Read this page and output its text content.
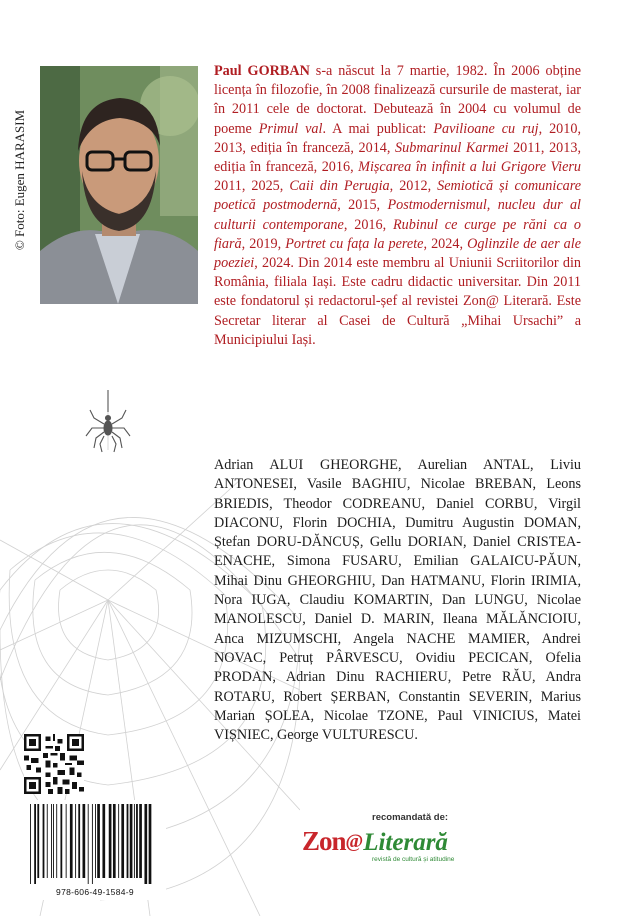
© Foto: Eugen HARASIM

Paul GORBAN s-a născut la 7 martie, 1982. În 2006 obține licența în filozofie, în 2008 finalizează cursurile de masterat, iar în 2011 cele de doctorat. Debutează în 2004 cu volumul de poeme Primul val. A mai publicat: Pavilioane cu ruj, 2010, 2013, ediția în franceză, 2014, Submarinul Karmei 2011, 2013, ediția în franceză, 2016, Mișcarea în infinit a lui Grigore Vieru 2011, 2025, Caii din Perugia, 2012, Semiotică și comunicare poetică postmodernă, 2015, Postmodernismul, nucleu dur al culturii contemporane, 2016, Rubinul ce curge pe răni ca o fiară, 2019, Portret cu fața la perete, 2024, Oglinzile de aer ale poeziei, 2024. Din 2014 este membru al Uniunii Scriitorilor din România, filiala Iași. Este cadru didactic universitar. Din 2011 este fondatorul și redactorul-șef al revistei Zon@ Literară. Este Secretar literar al Casei de Cultură „Mihai Ursachi” a Municipiului Iași.

Adrian ALUI GHEORGHE, Aurelian ANTAL, Liviu ANTONESEI, Vasile BAGHIU, Nicolae BREBAN, Leons BRIEDIS, Theodor CODREANU, Daniel CORBU, Virgil DIACONU, Florin DOCHIA, Dumitru Augustin DOMAN, Ștefan DORU-DĂNCUȘ, Gellu DORIAN, Daniel CRISTEA-ENACHE, Simona FUSARU, Emilian GALAICU-PĂUN, Mihai Dinu GHEORGHIU, Dan HATMANU, Florin IRIMIA, Nora IUGA, Claudiu KOMARTIN, Dan LUNGU, Nicolae MANOLESCU, Daniel D. MARIN, Ileana MĂLĂNCIOIU, Anca MIZUMSCHI, Angela NACHE MAMIER, Andrei NOVAC, Petruț PÂRVESCU, Ovidiu PECICAN, Ofelia PRODAN, Adrian Dinu RACHIERU, Petre RĂU, Andra ROTARU, Robert ȘERBAN, Constantin SEVERIN, Marius Marian ȘOLEA, Nicolae TZONE, Paul VINICIUS, Matei VIȘNIEC, George VULTURESCU.

978-606-49-1584-9
recomandată de:
Zon@Literară
revistă de cultură și atitudine
